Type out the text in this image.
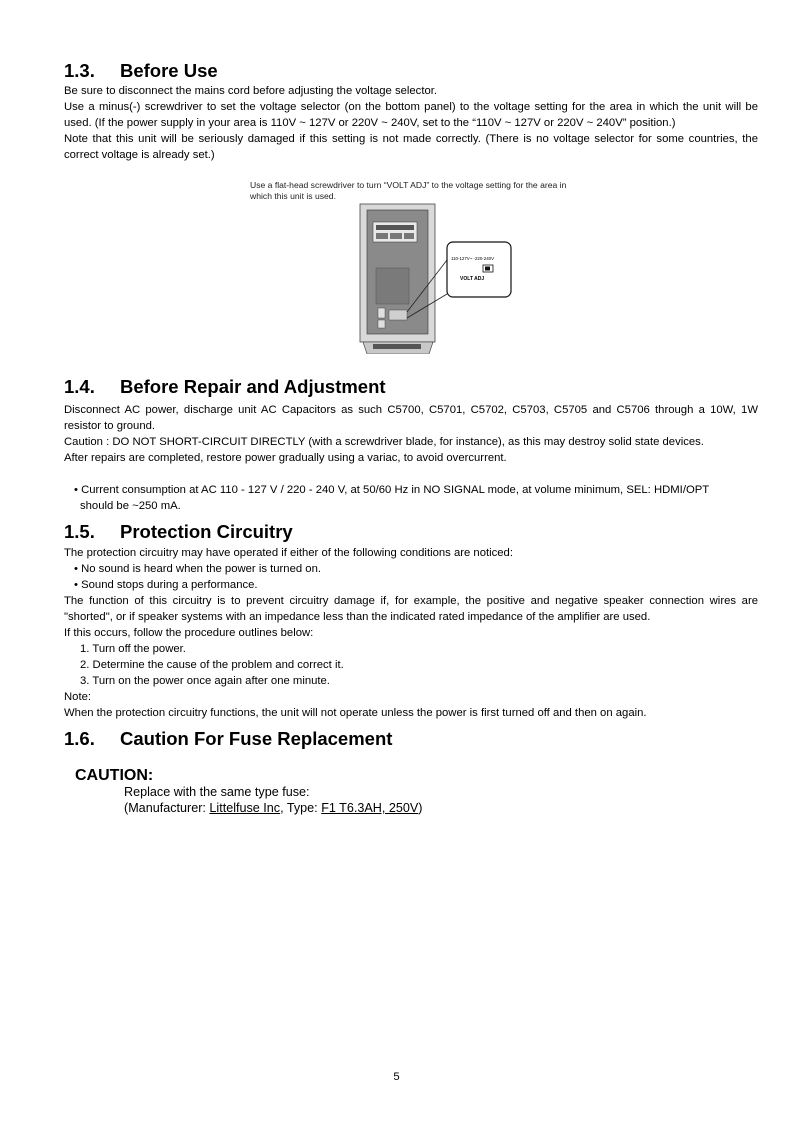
1.3. Before Use
Be sure to disconnect the mains cord before adjusting the voltage selector.
Use a minus(-) screwdriver to set the voltage selector (on the bottom panel) to the voltage setting for the area in which the unit will be used. (If the power supply in your area is 110V ~ 127V or 220V ~ 240V, set to the “110V ~ 127V or 220V ~ 240V” position.)
Note that this unit will be seriously damaged if this setting is not made correctly. (There is no voltage selector for some countries, the correct voltage is already set.)
Use a flat-head screwdriver to turn “VOLT ADJ” to the voltage setting for the area in which this unit is used.
110-127V~ -220-240V
VOLT ADJ
1.4. Before Repair and Adjustment
Disconnect AC power, discharge unit AC Capacitors as such C5700, C5701, C5702, C5703, C5705 and C5706 through a 10W, 1W resistor to ground.
Caution : DO NOT SHORT-CIRCUIT DIRECTLY (with a screwdriver blade, for instance), as this may destroy solid state devices.
After repairs are completed, restore power gradually using a variac, to avoid overcurrent.
• Current consumption at AC 110 - 127 V / 220 - 240 V, at 50/60 Hz in NO SIGNAL mode, at volume minimum, SEL: HDMI/OPT
should be ~250 mA.
1.5. Protection Circuitry
The protection circuitry may have operated if either of the following conditions are noticed:
• No sound is heard when the power is turned on.
• Sound stops during a performance.
The function of this circuitry is to prevent circuitry damage if, for example, the positive and negative speaker connection wires are "shorted", or if speaker systems with an impedance less than the indicated rated impedance of the amplifier are used.
If this occurs, follow the procedure outlines below:
1. Turn off the power.
2. Determine the cause of the problem and correct it.
3. Turn on the power once again after one minute.
Note:
When the protection circuitry functions, the unit will not operate unless the power is first turned off and then on again.
1.6. Caution For Fuse Replacement
CAUTION:
Replace with the same type fuse:
(Manufacturer: Littelfuse Inc, Type: F1 T6.3AH, 250V)
5
